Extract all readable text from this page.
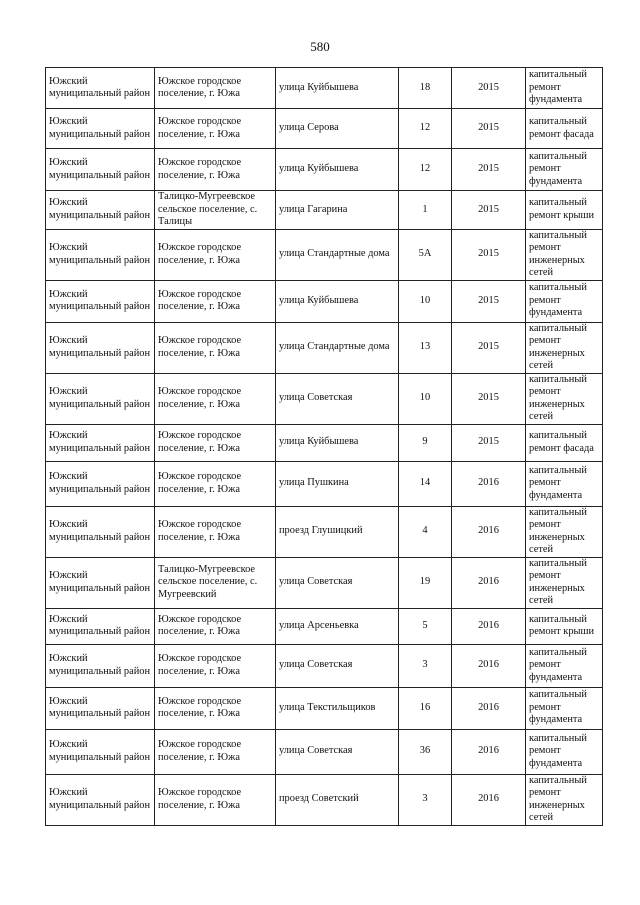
580
Южский муниципальный район	Южское городское поселение, г. Южа	улица Куйбышева	18	2015	капитальный ремонт фундамента
Южский муниципальный район	Южское городское поселение, г. Южа	улица Серова	12	2015	капитальный ремонт фасада
Южский муниципальный район	Южское городское поселение, г. Южа	улица Куйбышева	12	2015	капитальный ремонт фундамента
Южский муниципальный район	Талицко-Мугреевское сельское поселение, с. Талицы	улица Гагарина	1	2015	капитальный ремонт крыши
Южский муниципальный район	Южское городское поселение, г. Южа	улица Стандартные дома	5А	2015	капитальный ремонт инженерных сетей
Южский муниципальный район	Южское городское поселение, г. Южа	улица Куйбышева	10	2015	капитальный ремонт фундамента
Южский муниципальный район	Южское городское поселение, г. Южа	улица Стандартные дома	13	2015	капитальный ремонт инженерных сетей
Южский муниципальный район	Южское городское поселение, г. Южа	улица Советская	10	2015	капитальный ремонт инженерных сетей
Южский муниципальный район	Южское городское поселение, г. Южа	улица Куйбышева	9	2015	капитальный ремонт фасада
Южский муниципальный район	Южское городское поселение, г. Южа	улица Пушкина	14	2016	капитальный ремонт фундамента
Южский муниципальный район	Южское городское поселение, г. Южа	проезд Глушицкий	4	2016	капитальный ремонт инженерных сетей
Южский муниципальный район	Талицко-Мугреевское сельское поселение, с. Мугреевский	улица Советская	19	2016	капитальный ремонт инженерных сетей
Южский муниципальный район	Южское городское поселение, г. Южа	улица Арсеньевка	5	2016	капитальный ремонт крыши
Южский муниципальный район	Южское городское поселение, г. Южа	улица Советская	3	2016	капитальный ремонт фундамента
Южский муниципальный район	Южское городское поселение, г. Южа	улица Текстильщиков	16	2016	капитальный ремонт фундамента
Южский муниципальный район	Южское городское поселение, г. Южа	улица Советская	36	2016	капитальный ремонт фундамента
Южский муниципальный район	Южское городское поселение, г. Южа	проезд Советский	3	2016	капитальный ремонт инженерных сетей
